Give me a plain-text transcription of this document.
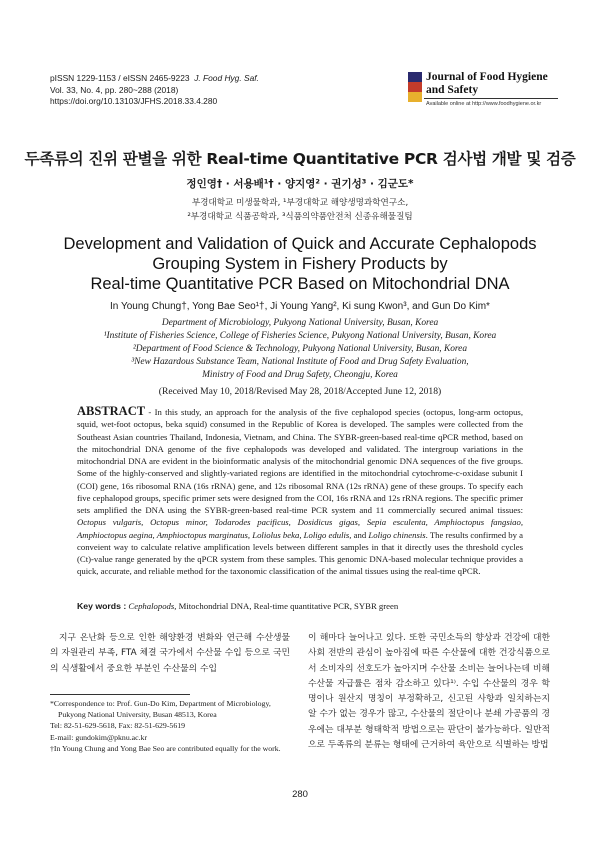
pISSN 1229-1153 / eISSN 2465-9223 J. Food Hyg. Saf.
Vol. 33, No. 4, pp. 280~288 (2018)
https://doi.org/10.13103/JFHS.2018.33.4.280
Journal of Food Hygiene
and Safety
Available online at http://www.foodhygiene.or.kr
두족류의 진위 판별을 위한 Real-time Quantitative PCR 검사법 개발 및 검증
정인영† · 서용배¹† · 양지영² · 권기성³ · 김군도*
부경대학교 미생물학과, ¹부경대학교 해양생명과학연구소,
²부경대학교 식품공학과, ³식품의약품안전처 신종유해물질팀
Development and Validation of Quick and Accurate Cephalopods
Grouping System in Fishery Products by
Real-time Quantitative PCR Based on Mitochondrial DNA
In Young Chung†, Yong Bae Seo¹†, Ji Young Yang², Ki sung Kwon³, and Gun Do Kim*
Department of Microbiology, Pukyong National University, Busan, Korea
¹Institute of Fisheries Science, College of Fisheries Science, Pukyong National University, Busan, Korea
²Department of Food Science & Technology, Pukyong National University, Busan, Korea
³New Hazardous Substance Team, National Institute of Food and Drug Safety Evaluation,
Ministry of Food and Drug Safety, Cheongju, Korea
(Received May 10, 2018/Revised May 28, 2018/Accepted June 12, 2018)
ABSTRACT - In this study, an approach for the analysis of the five cephalopod species (octopus, long-arm octopus, squid, wet-foot octopus, beka squid) consumed in the Republic of Korea is developed. The samples were collected from the Southeast Asian countries Thailand, Indonesia, Vietnam, and China. The SYBR-green-based real-time qPCR method, based on the mitochondrial DNA genome of the five cephalopods was developed and validated. The intergroup variations in the mitochondrial DNA are evident in the bioinformatic analysis of the mitochondrial genomic DNA sequences of the five groups. Some of the highly-conserved and slightly-variated regions are identified in the mitochondrial cytochrome-c-oxidase subunit I (COI) gene, 16s ribosomal RNA (16s rRNA) gene, and 12s ribosomal RNA (12s rRNA) gene of these groups. To specify each five cephalopod groups, specific primer sets were designed from the COI, 16s rRNA and 12s rRNA regions. The specific primer sets amplified the DNA using the SYBR-green-based real-time PCR system and 11 commercially secured animal tissues: Octopus vulgaris, Octopus minor, Todarodes pacificus, Dosidicus gigas, Sepia esculenta, Amphioctopus fangsiao, Amphioctopus aegina, Amphioctopus marginatus, Loliolus beka, Loligo edulis, and Loligo chinensis. The results confirmed by a conveient way to calculate relative amplification levels between different samples in that it directly uses the threshold cycles (Ct)-value range generated by the qPCR system from these samples. This genomic DNA-based molecular technique provides a quick, accurate, and reliable method for the taxonomic classification of the animal tissues using the real-time qPCR.
Key words : Cephalopods, Mitochondrial DNA, Real-time quantitative PCR, SYBR green

지구 온난화 등으로 인한 해양환경 변화와 연근해 수산생물의 자원관리 부족, FTA 체결 국가에서 수산물 수입 등으로 국민의 식생활에서 중요한 부분인 수산물의 수입

*Correspondence to: Prof. Gun-Do Kim, Department of Microbiology, Pukyong National University, Busan 48513, Korea
Tel: 82-51-629-5618, Fax: 82-51-629-5619
E-mail: gundokim@pknu.ac.kr
†In Young Chung and Yong Bae Seo are contributed equally for the work.

이 해마다 늘어나고 있다. 또한 국민소득의 향상과 건강에 대한 사회 전반의 관심이 높아짐에 따른 수산물에 대한 건강식품으로서 소비자의 선호도가 높아지며 수산물 소비는 늘어나는데 비해 수산물 자급률은 점차 감소하고 있다¹⁾. 수입 수산물의 경우 학명이나 원산지 명칭이 부정확하고, 신고된 사항과 일치하는지 알 수가 없는 경우가 많고, 수산물의 절단이나 분쇄 가공품의 경우에는 대부분 형태학적 방법으로는 판단이 불가능하다. 일반적으로 두족류의 분류는 형태에 근거하여 육안으로 식별하는 방법

280
